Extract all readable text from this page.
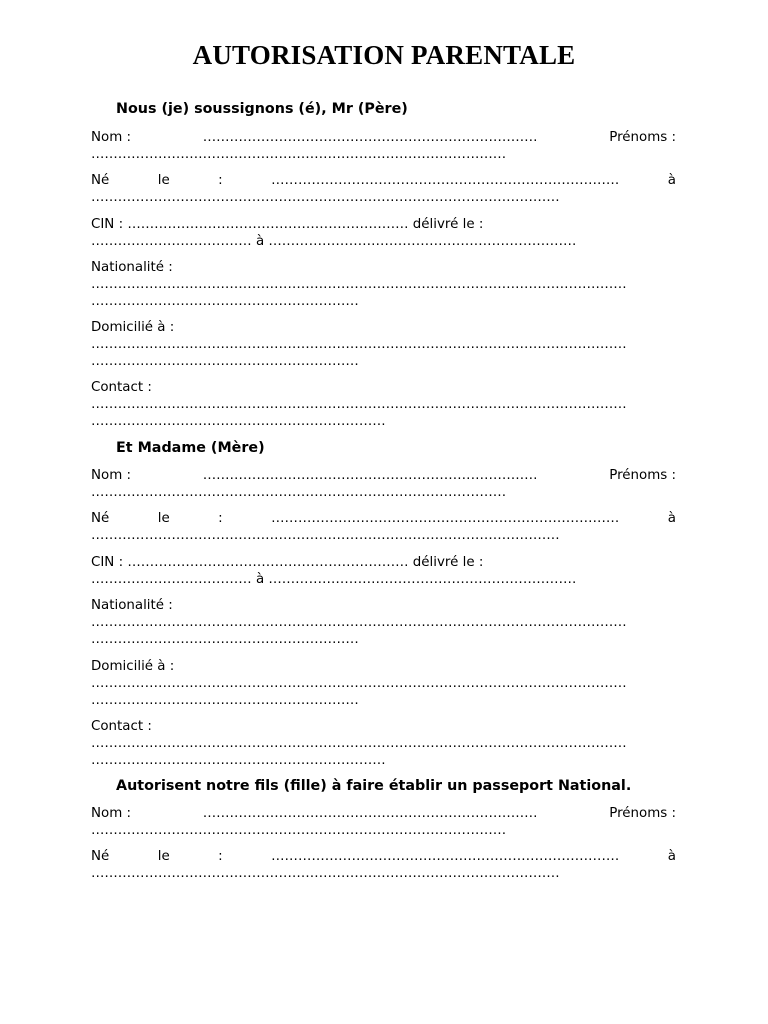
AUTORISATION PARENTALE
Nous (je) soussignons (é), Mr (Père)
Nom :	…………………………………………………………………	Prénoms :
…………………………………………………………………………………
Né	le	:	……………………………………………………………………	à
……………………………………………………………………………………………
CIN : ……………………………………………………… délivré le :
……………………………… à ……………………………………………………………
Nationalité :
…………………………………………………………………………………………………………
……………………………………………………
Domicilié à :
…………………………………………………………………………………………………………
……………………………………………………
Contact :
…………………………………………………………………………………………………………
…………………………………………………………
Et Madame (Mère)
Nom :	…………………………………………………………………	Prénoms :
…………………………………………………………………………………
Né	le	:	……………………………………………………………………	à
……………………………………………………………………………………………
CIN : ……………………………………………………… délivré le :
……………………………… à ……………………………………………………………
Nationalité :
…………………………………………………………………………………………………………
……………………………………………………
Domicilié à :
…………………………………………………………………………………………………………
……………………………………………………
Contact :
…………………………………………………………………………………………………………
…………………………………………………………
Autorisent notre fils (fille) à faire établir un passeport National.
Nom :	…………………………………………………………………	Prénoms :
…………………………………………………………………………………
Né	le	:	……………………………………………………………………	à
……………………………………………………………………………………………
